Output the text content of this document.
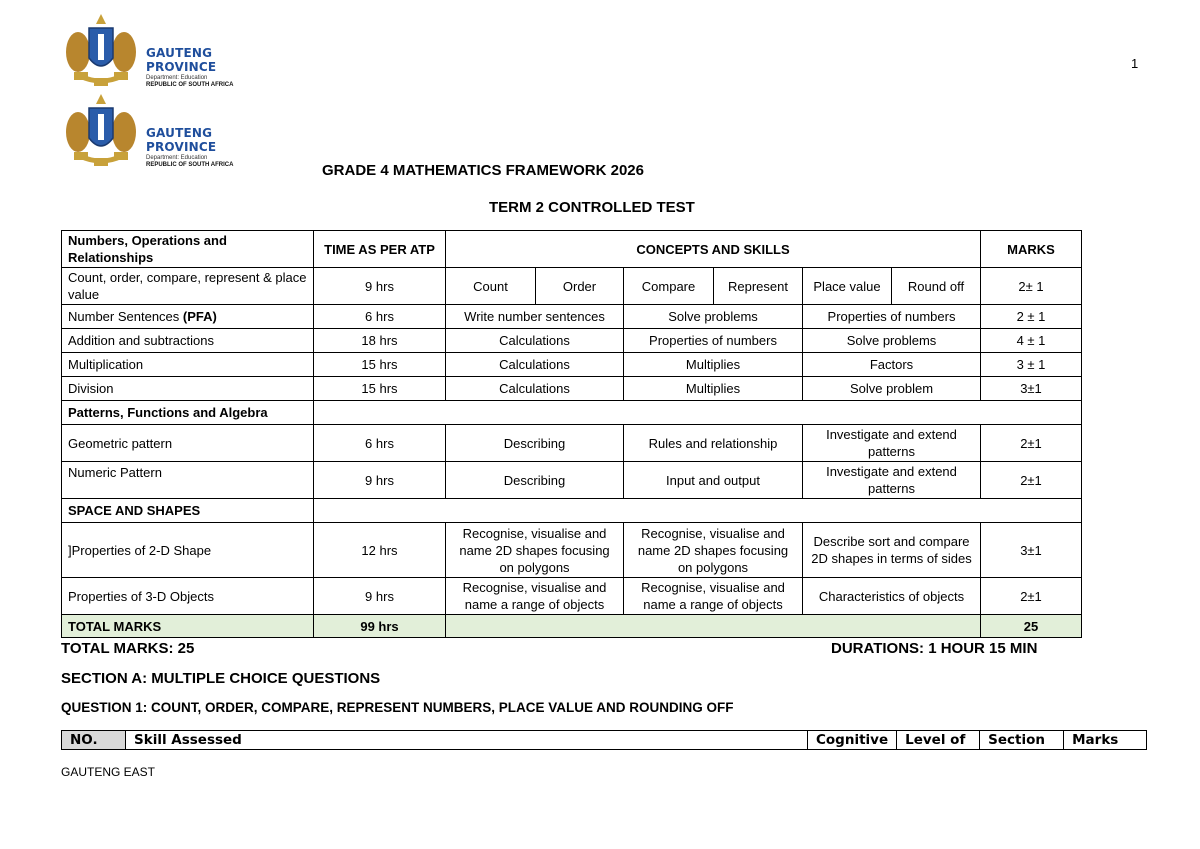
GAUTENG PROVINCE
Department: Education
REPUBLIC OF SOUTH AFRICA
GAUTENG PROVINCE
Department: Education
REPUBLIC OF SOUTH AFRICA
1
GRADE 4 MATHEMATICS FRAMEWORK 2026
TERM 2 CONTROLLED TEST
Numbers, Operations and Relationships	TIME AS PER ATP	CONCEPTS AND SKILLS						MARKS
Count, order, compare, represent & place value	9 hrs	Count	Order	Compare	Represent	Place value	Round off	2± 1
Number Sentences (PFA)	6 hrs	Write number sentences		Solve problems		Properties of numbers		2 ± 1
Addition and subtractions	18 hrs	Calculations		Properties of numbers		Solve problems		4 ± 1
Multiplication	15 hrs	Calculations		Multiplies		Factors		3 ± 1
Division	15 hrs	Calculations		Multiplies		Solve problem		3±1
Patterns, Functions and Algebra								
Geometric pattern	6 hrs	Describing		Rules and relationship		Investigate and extend patterns		2±1
Numeric Pattern	9 hrs	Describing		Input and output		Investigate and extend patterns		2±1
SPACE AND SHAPES								
]Properties of 2-D Shape	12 hrs	Recognise, visualise and name 2D shapes focusing on polygons		Recognise, visualise and name 2D shapes focusing on polygons		Describe sort and compare 2D shapes in terms of sides		3±1
Properties of 3-D Objects	9 hrs	Recognise, visualise and name a range of objects		Recognise, visualise and name a range of objects		Characteristics of objects		2±1
TOTAL MARKS	99 hrs							25
TOTAL MARKS: 25	DURATIONS: 1 HOUR 15 MIN
SECTION A: MULTIPLE CHOICE QUESTIONS
QUESTION 1: COUNT, ORDER, COMPARE, REPRESENT NUMBERS, PLACE VALUE AND ROUNDING OFF
NO.	Skill Assessed	Cognitive	Level of	Section	Marks
GAUTENG EAST
